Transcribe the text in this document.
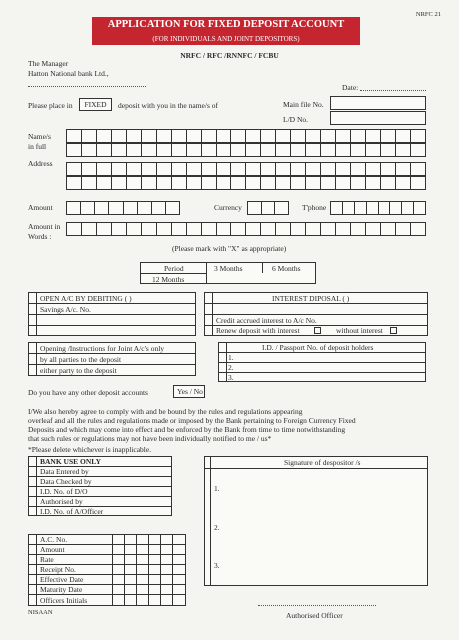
NRFC 21
APPLICATION FOR FIXED DEPOSIT ACCOUNT
(FOR INDIVIDUALS AND JOINT DEPOSITORS)
NRFC / RFC /RNNFC / FCBU
The Manager
Hatton National bank Ltd.,
Date:
Please place in	FIXED	deposit with you in the name/s of	Main file No.
L/D No.
Name/s
in full
Address
Amount	Currency	T'phone
Amount in
Words :
(Please mark with "X" as appropriate)
Period	3 Months	6 Months
12 Months
OPEN A/C BY DEBITING ( )
Savings A/c. No.
INTEREST DIPOSAL ( )
Credit accrued interest to A/c No.
Renew deposit with interest	without interest
Opening /Instructions for Joint A/c's only
by all parties to the deposit
either party to the deposit
I.D. / Passport No. of deposit holders
1.
2.
3.
Do you have any other deposit accounts	Yes / No
I/We also hereby agree to comply with and be bound by the rules and regulations appearing
overleaf and all the rules and regulations made or imposed by the Bank pertaining to Foreign Currency Fixed
Deposits and which may come into effect and be enforced by the Bank from time to time notwithstanding
that such rules or regulations may not have been individually notified to me / us*
*Please delete whichever is inapplicable.
BANK USE ONLY
Data Entered by
Data Checked by
I.D. No. of D/O
Authorised by
I.D. No. of A/Officer
A.C. No.
Amount
Rate
Receipt No.
Effective Date
Maturity Date
Officers Initials
Signature of despositor /s
1.
2.
3.
Authorised Officer
NISAAN
